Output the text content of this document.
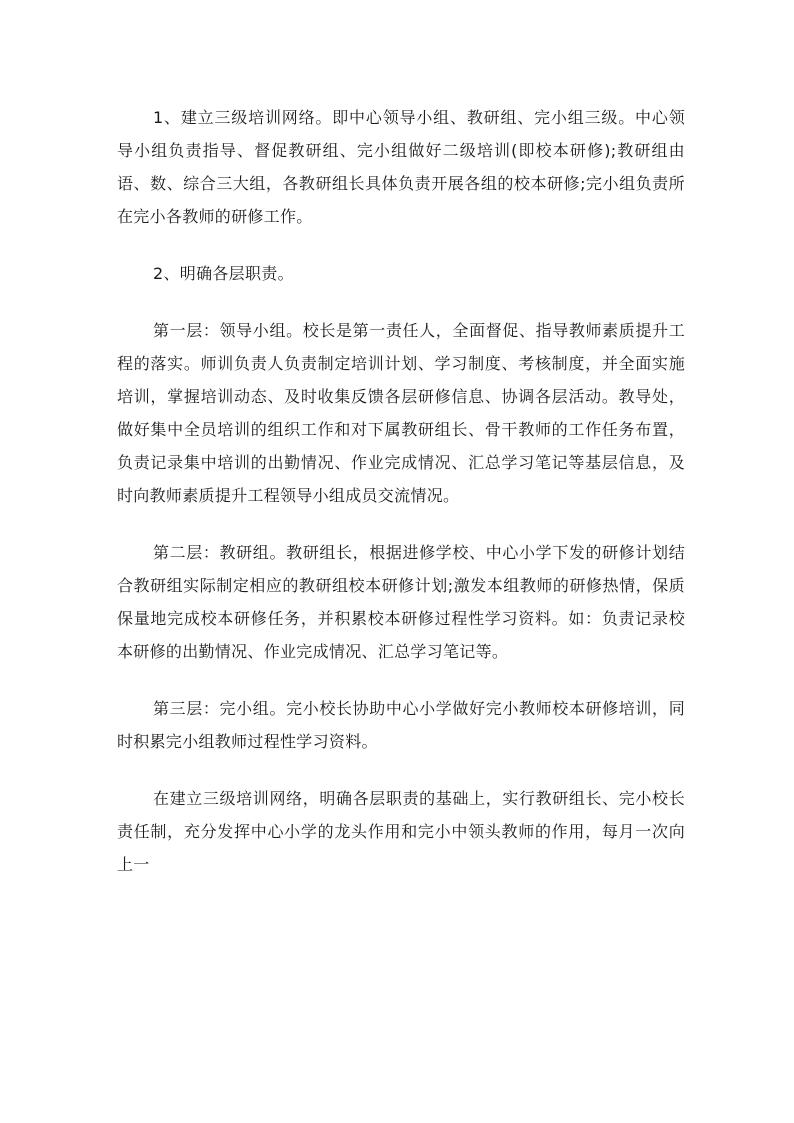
1、建立三级培训网络。即中心领导小组、教研组、完小组三级。中心领导小组负责指导、督促教研组、完小组做好二级培训(即校本研修);教研组由语、数、综合三大组，各教研组长具体负责开展各组的校本研修;完小组负责所在完小各教师的研修工作。

2、明确各层职责。

第一层：领导小组。校长是第一责任人，全面督促、指导教师素质提升工程的落实。师训负责人负责制定培训计划、学习制度、考核制度，并全面实施培训，掌握培训动态、及时收集反馈各层研修信息、协调各层活动。教导处，做好集中全员培训的组织工作和对下属教研组长、骨干教师的工作任务布置，负责记录集中培训的出勤情况、作业完成情况、汇总学习笔记等基层信息，及时向教师素质提升工程领导小组成员交流情况。

第二层：教研组。教研组长，根据进修学校、中心小学下发的研修计划结合教研组实际制定相应的教研组校本研修计划;激发本组教师的研修热情，保质保量地完成校本研修任务，并积累校本研修过程性学习资料。如：负责记录校本研修的出勤情况、作业完成情况、汇总学习笔记等。

第三层：完小组。完小校长协助中心小学做好完小教师校本研修培训，同时积累完小组教师过程性学习资料。

在建立三级培训网络，明确各层职责的基础上，实行教研组长、完小校长责任制，充分发挥中心小学的龙头作用和完小中领头教师的作用，每月一次向上一
